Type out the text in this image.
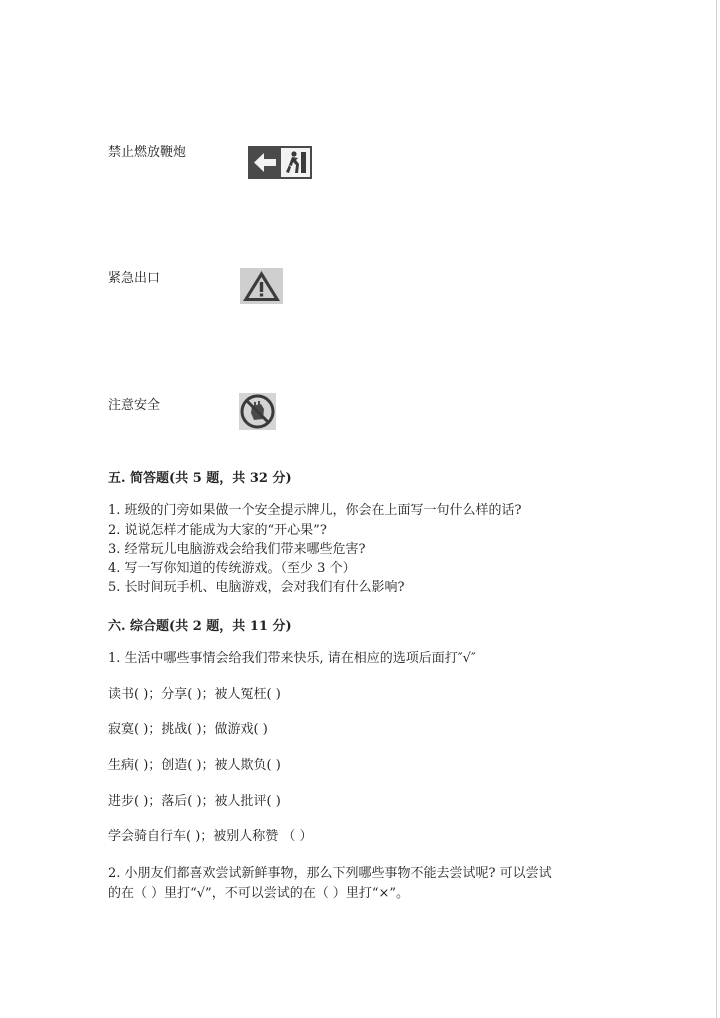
禁止燃放鞭炮
紧急出口
注意安全
五. 简答题(共 5 题，共 32 分)
1. 班级的门旁如果做一个安全提示牌儿，你会在上面写一句什么样的话?
2. 说说怎样才能成为大家的“开心果”?
3. 经常玩儿电脑游戏会给我们带来哪些危害?
4. 写一写你知道的传统游戏。（至少 3 个）
5. 长时间玩手机、电脑游戏，会对我们有什么影响?
六. 综合题(共 2 题，共 11 分)
1. 生活中哪些事情会给我们带来快乐, 请在相应的选项后面打″√″
读书( )；分享( )；被人冤枉( )
寂寞( )；挑战( )；做游戏( )
生病( )；创造( )；被人欺负( )
进步( )；落后( )；被人批评( )
学会骑自行车( )；被别人称赞 （ ）
2. 小朋友们都喜欢尝试新鲜事物，那么下列哪些事物不能去尝试呢? 可以尝试
的在（ ）里打“√”，不可以尝试的在（ ）里打“×”。
